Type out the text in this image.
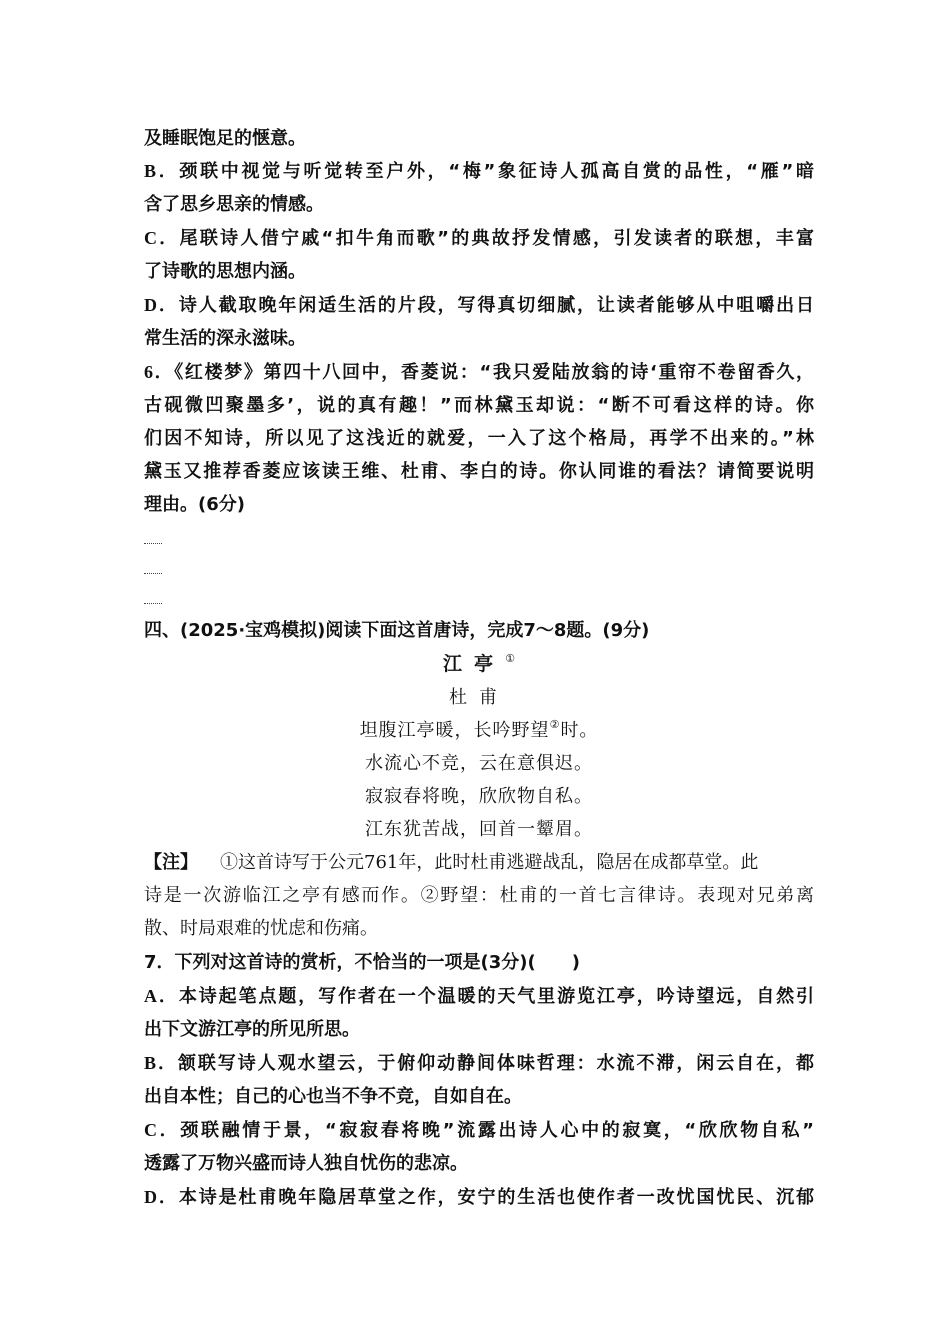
及睡眠饱足的惬意。
B．颈联中视觉与听觉转至户外，“梅”象征诗人孤高自赏的品性，“雁”暗
含了思乡思亲的情感。
C．尾联诗人借宁戚“扣牛角而歌”的典故抒发情感，引发读者的联想，丰富
了诗歌的思想内涵。
D．诗人截取晚年闲适生活的片段，写得真切细腻，让读者能够从中咀嚼出日
常生活的深永滋味。
6．《红楼梦》第四十八回中，香菱说：“我只爱陆放翁的诗‘重帘不卷留香久，
古砚微凹聚墨多’，说的真有趣！”而林黛玉却说：“断不可看这样的诗。你
们因不知诗，所以见了这浅近的就爱，一入了这个格局，再学不出来的。”林
黛玉又推荐香菱应该读王维、杜甫、李白的诗。你认同谁的看法？请简要说明
理由。(6分)
四、(2025·宝鸡模拟)阅读下面这首唐诗，完成7～8题。(9分)
江亭①
杜甫
坦腹江亭暖，长吟野望②时。
水流心不竞，云在意俱迟。
寂寂春将晚，欣欣物自私。
江东犹苦战，回首一颦眉。
【注】 ①这首诗写于公元761年，此时杜甫逃避战乱，隐居在成都草堂。此
诗是一次游临江之亭有感而作。②野望：杜甫的一首七言律诗。表现对兄弟离
散、时局艰难的忧虑和伤痛。
7．下列对这首诗的赏析，不恰当的一项是(3分)(　　)
A．本诗起笔点题，写作者在一个温暖的天气里游览江亭，吟诗望远，自然引
出下文游江亭的所见所思。
B．颔联写诗人观水望云，于俯仰动静间体味哲理：水流不滞，闲云自在，都
出自本性；自己的心也当不争不竞，自如自在。
C．颈联融情于景，“寂寂春将晚”流露出诗人心中的寂寞，“欣欣物自私”
透露了万物兴盛而诗人独自忧伤的悲凉。
D．本诗是杜甫晚年隐居草堂之作，安宁的生活也使作者一改忧国忧民、沉郁
